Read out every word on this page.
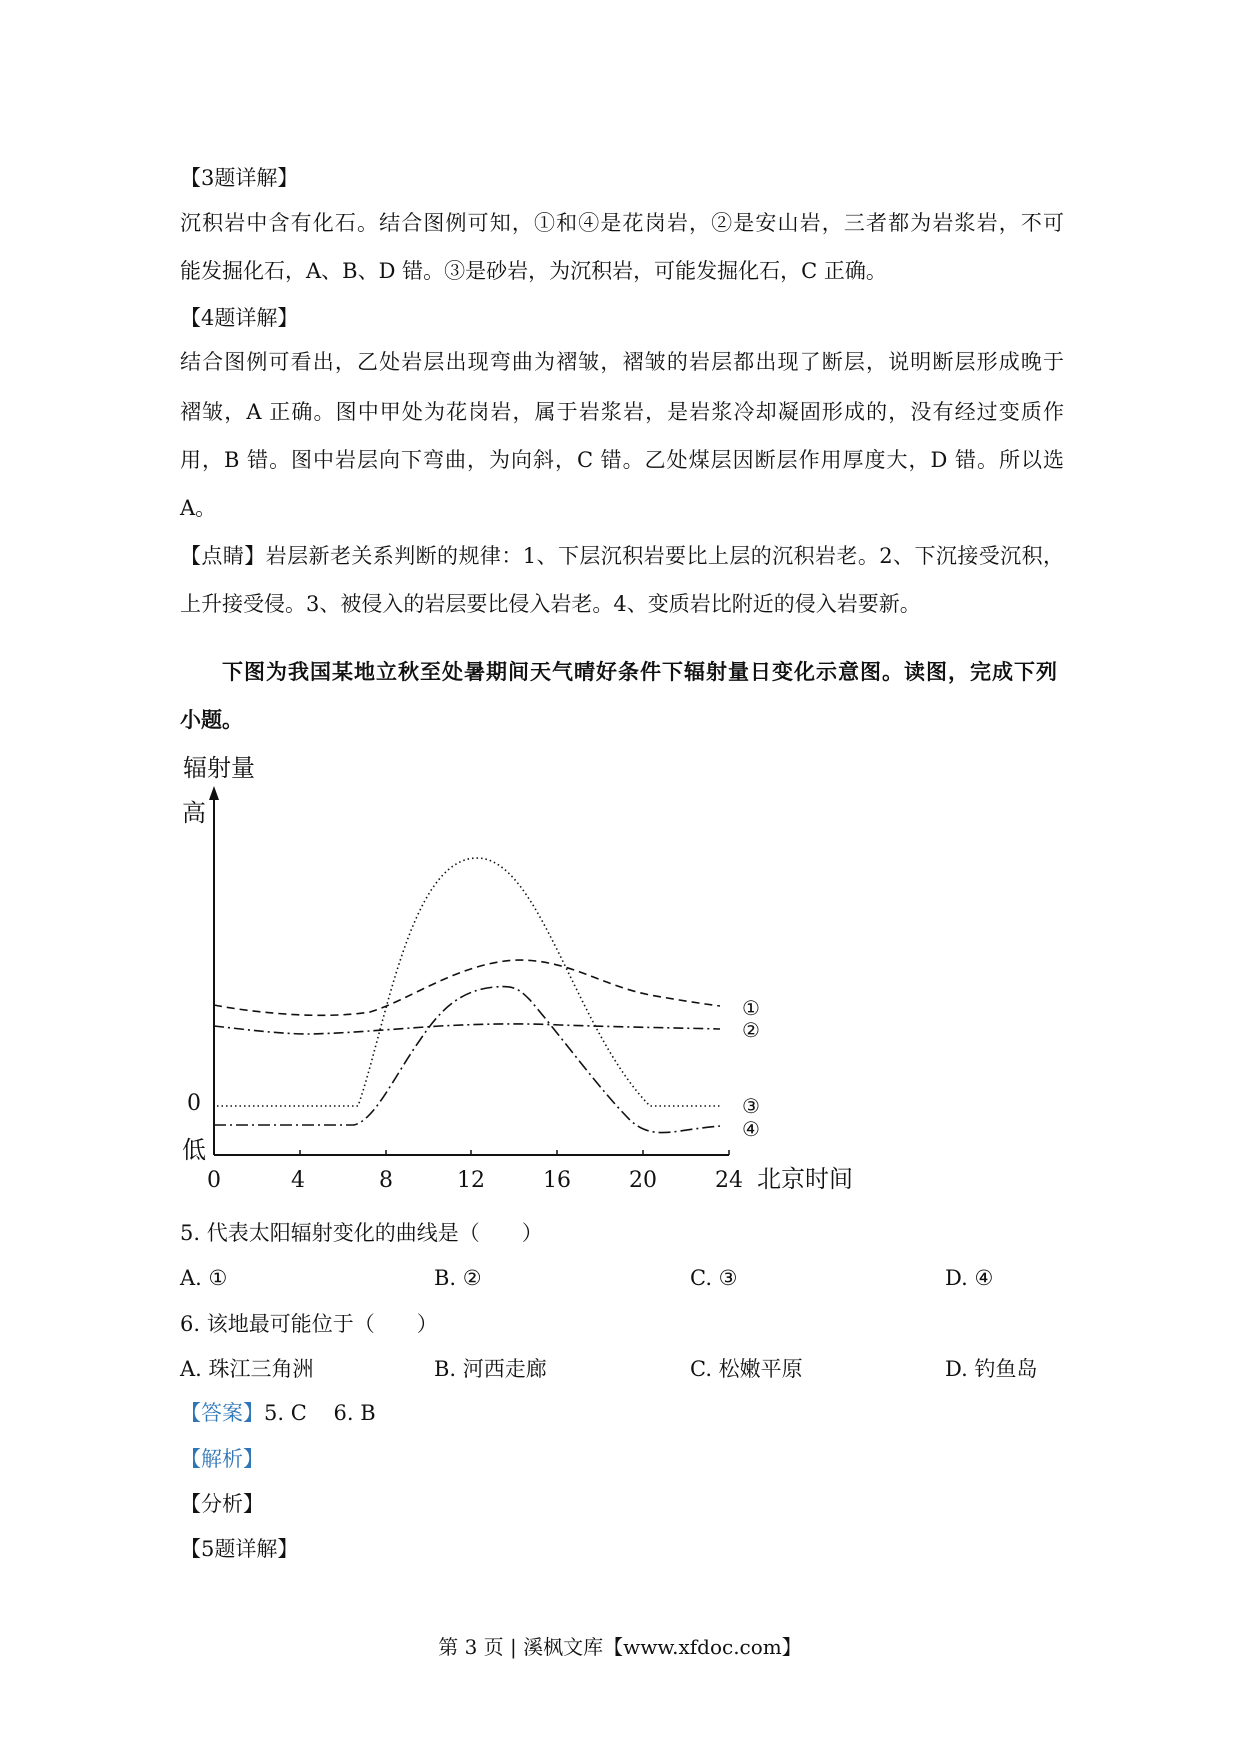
【3题详解】
沉积岩中含有化石。结合图例可知，①和④是花岗岩，②是安山岩，三者都为岩浆岩，不可
能发掘化石，A、B、D 错。③是砂岩，为沉积岩，可能发掘化石，C 正确。
【4题详解】
结合图例可看出，乙处岩层出现弯曲为褶皱，褶皱的岩层都出现了断层，说明断层形成晚于
褶皱，A 正确。图中甲处为花岗岩，属于岩浆岩，是岩浆冷却凝固形成的，没有经过变质作
用，B 错。图中岩层向下弯曲，为向斜，C 错。乙处煤层因断层作用厚度大，D 错。所以选
A。
【点睛】岩层新老关系判断的规律：1、下层沉积岩要比上层的沉积岩老。2、下沉接受沉积，
上升接受侵。3、被侵入的岩层要比侵入岩老。4、变质岩比附近的侵入岩要新。
下图为我国某地立秋至处暑期间天气晴好条件下辐射量日变化示意图。读图，完成下列
小题。
辐射量
高
0
低
0	4	8	12	16	20	24 北京时间
①
②
③
④
5. 代表太阳辐射变化的曲线是（　　）
A. ①	B. ②	C. ③	D. ④
6. 该地最可能位于（　　）
A. 珠江三角洲	B. 河西走廊	C. 松嫩平原	D. 钓鱼岛
【答案】5. C    6. B
【解析】
【分析】
【5题详解】
第 3 页 | 溪枫文库【www.xfdoc.com】
